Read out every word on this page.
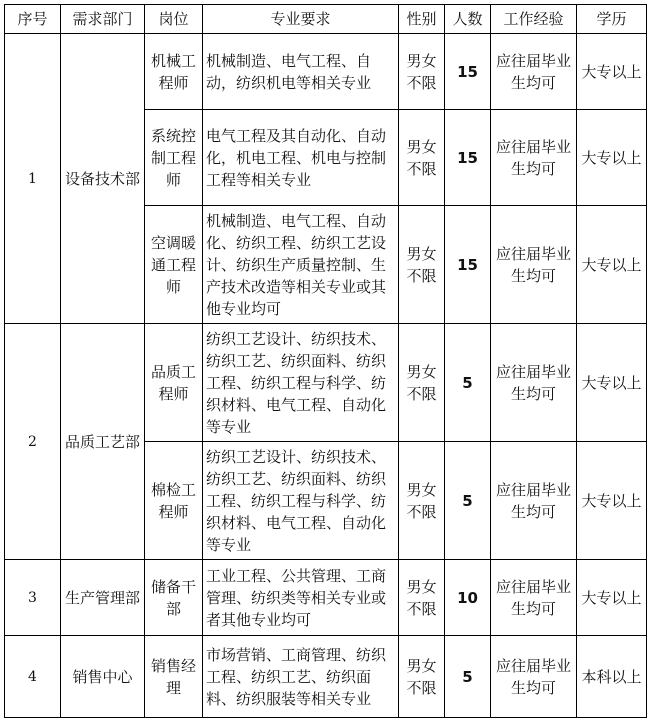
序号	需求部门	岗位	专业要求	性别	人数	工作经验	学历
1	设备技术部	机械工程师	机械制造、电气工程、自动，纺织机电等相关专业	男女不限	15	应往届毕业生均可	大专以上
		系统控制工程师	电气工程及其自动化、自动化，机电工程、机电与控制工程等相关专业	男女不限	15	应往届毕业生均可	大专以上
		空调暖通工程师	机械制造、电气工程、自动化、纺织工程、纺织工艺设计、纺织生产质量控制、生产技术改造等相关专业或其他专业均可	男女不限	15	应往届毕业生均可	大专以上
2	品质工艺部	品质工程师	纺织工艺设计、纺织技术、纺织工艺、纺织面料、纺织工程、纺织工程与科学、纺织材料、电气工程、自动化等专业	男女不限	5	应往届毕业生均可	大专以上
		棉检工程师	纺织工艺设计、纺织技术、纺织工艺、纺织面料、纺织工程、纺织工程与科学、纺织材料、电气工程、自动化等专业	男女不限	5	应往届毕业生均可	大专以上
3	生产管理部	储备干部	工业工程、公共管理、工商管理、纺织类等相关专业或者其他专业均可	男女不限	10	应往届毕业生均可	大专以上
4	销售中心	销售经理	市场营销、工商管理、纺织工程、纺织工艺、纺织面料、纺织服装等相关专业	男女不限	5	应往届毕业生均可	本科以上
